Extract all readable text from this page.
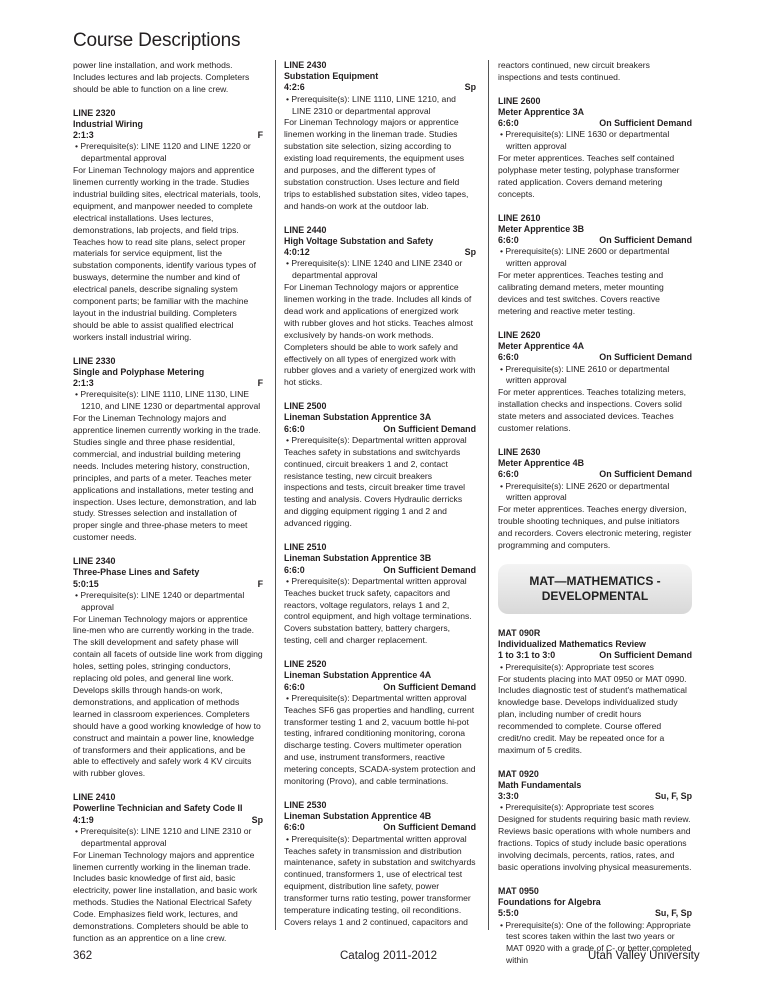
Course Descriptions
power line installation, and work methods. Includes lectures and lab projects. Completers should be able to function on a line crew.
LINE 2320
Industrial Wiring
2:1:3	F
• Prerequisite(s): LINE 1120 and LINE 1220 or departmental approval
For Lineman Technology majors and apprentice linemen currently working in the trade. Studies industrial building sites, electrical materials, tools, equipment, and manpower needed to complete electrical installations. Uses lectures, demonstrations, lab projects, and field trips. Teaches how to read site plans, select proper materials for service equipment, list the substation components, identify various types of busways, determine the number and kind of electrical panels, describe signaling system component parts; be familiar with the machine layout in the industrial building. Completers should be able to assist qualified electrical workers install industrial wiring.
LINE 2330
Single and Polyphase Metering
2:1:3	F
• Prerequisite(s): LINE 1110, LINE 1130, LINE 1210, and LINE 1230 or departmental approval
For the Lineman Technology majors and apprentice linemen currently working in the trade. Studies single and three phase residential, commercial, and industrial building metering needs. Includes metering history, construction, principles, and parts of a meter. Teaches meter applications and installations, meter testing and inspection. Uses lecture, demonstration, and lab study. Stresses selection and installation of proper single and three-phase meters to meet customer needs.
LINE 2340
Three-Phase Lines and Safety
5:0:15	F
• Prerequisite(s): LINE 1240 or departmental approval
For Lineman Technology majors or apprentice line-men who are currently working in the trade. The skill development and safety phase will contain all facets of outside line work from digging holes, setting poles, stringing conductors, replacing old poles, and general line work. Develops skills through hands-on work, demonstrations, and application of methods learned in classroom experiences. Completers should have a good working knowledge of how to construct and maintain a power line, knowledge of transformers and their applications, and be able to effectively and safely work 4 KV circuits with rubber gloves.
LINE 2410
Powerline Technician and Safety Code II
4:1:9	Sp
• Prerequisite(s): LINE 1210 and LINE 2310 or departmental approval
For Lineman Technology majors and apprentice linemen currently working in the lineman trade. Includes basic knowledge of first aid, basic electricity, power line installation, and basic work methods. Studies the National Electrical Safety Code. Emphasizes field work, lectures, and demonstrations. Completers should be able to function as an apprentice on a line crew.
LINE 2430
Substation Equipment
4:2:6	Sp
• Prerequisite(s): LINE 1110, LINE 1210, and LINE 2310 or departmental approval
For Lineman Technology majors or apprentice linemen working in the lineman trade. Studies substation site selection, sizing according to existing load requirements, the equipment uses and purposes, and the different types of substation construction. Uses lecture and field trips to established substation sites, video tapes, and hands-on work at the outdoor lab.
LINE 2440
High Voltage Substation and Safety
4:0:12	Sp
• Prerequisite(s): LINE 1240 and LINE 2340 or departmental approval
For Lineman Technology majors or apprentice linemen working in the trade. Includes all kinds of dead work and applications of energized work with rubber gloves and hot sticks. Teaches almost exclusively by hands-on work methods. Completers should be able to work safely and effectively on all types of energized work with rubber gloves and a variety of energized work with hot sticks.
LINE 2500
Lineman Substation Apprentice 3A
6:6:0	On Sufficient Demand
• Prerequisite(s): Departmental written approval
Teaches safety in substations and switchyards continued, circuit breakers 1 and 2, contact resistance testing, new circuit breakers inspections and tests, circuit breaker time travel testing and analysis. Covers Hydraulic derricks and digging equipment rigging 1 and 2 and advanced rigging.
LINE 2510
Lineman Substation Apprentice 3B
6:6:0	On Sufficient Demand
• Prerequisite(s): Departmental written approval
Teaches bucket truck safety, capacitors and reactors, voltage regulators, relays 1 and 2, control equipment, and high voltage terminations. Covers substation battery, battery chargers, testing, cell and charger replacement.
LINE 2520
Lineman Substation Apprentice 4A
6:6:0	On Sufficient Demand
• Prerequisite(s): Departmental written approval
Teaches SF6 gas properties and handling, current transformer testing 1 and 2, vacuum bottle hi-pot testing, infrared conditioning monitoring, corona discharge testing. Covers multimeter operation and use, instrument transformers, reactive metering concepts, SCADA-system protection and monitoring (Provo), and cable terminations.
LINE 2530
Lineman Substation Apprentice 4B
6:6:0	On Sufficient Demand
• Prerequisite(s): Departmental written approval
Teaches safety in transmission and distribution maintenance, safety in substation and switchyards continued, transformers 1, use of electrical test equipment, distribution line safety, power transformer turns ratio testing, power transformer temperature indicating testing, oil reconditions. Covers relays 1 and 2 continued, capacitors and
reactors continued, new circuit breakers inspections and tests continued.
LINE 2600
Meter Apprentice 3A
6:6:0	On Sufficient Demand
• Prerequisite(s): LINE 1630 or departmental written approval
For meter apprentices. Teaches self contained polyphase meter testing, polyphase transformer rated application. Covers demand metering concepts.
LINE 2610
Meter Apprentice 3B
6:6:0	On Sufficient Demand
• Prerequisite(s): LINE 2600 or departmental written approval
For meter apprentices. Teaches testing and calibrating demand meters, meter mounting devices and test switches. Covers reactive metering and reactive meter testing.
LINE 2620
Meter Apprentice 4A
6:6:0	On Sufficient Demand
• Prerequisite(s): LINE 2610 or departmental written approval
For meter apprentices. Teaches totalizing meters, installation checks and inspections. Covers solid state meters and associated devices. Teaches customer relations.
LINE 2630
Meter Apprentice 4B
6:6:0	On Sufficient Demand
• Prerequisite(s): LINE 2620 or departmental written approval
For meter apprentices. Teaches energy diversion, trouble shooting techniques, and pulse initiators and recorders. Covers electronic metering, register programming and computers.
MAT—MATHEMATICS - DEVELOPMENTAL
MAT 090R
Individualized Mathematics Review
1 to 3:1 to 3:0	On Sufficient Demand
• Prerequisite(s): Appropriate test scores
For students placing into MAT 0950 or MAT 0990. Includes diagnostic test of student's mathematical knowledge base. Develops individualized study plan, including number of credit hours recommended to complete. Course offered credit/no credit. May be repeated once for a maximum of 5 credits.
MAT 0920
Math Fundamentals
3:3:0	Su, F, Sp
• Prerequisite(s): Appropriate test scores
Designed for students requiring basic math review. Reviews basic operations with whole numbers and fractions. Topics of study include basic operations involving decimals, percents, ratios, rates, and basic operations involving physical measurements.
MAT 0950
Foundations for Algebra
5:5:0	Su, F, Sp
• Prerequisite(s): One of the following: Appropriate test scores taken within the last two years or MAT 0920 with a grade of C- or better completed within
362	Catalog 2011-2012	Utah Valley University
